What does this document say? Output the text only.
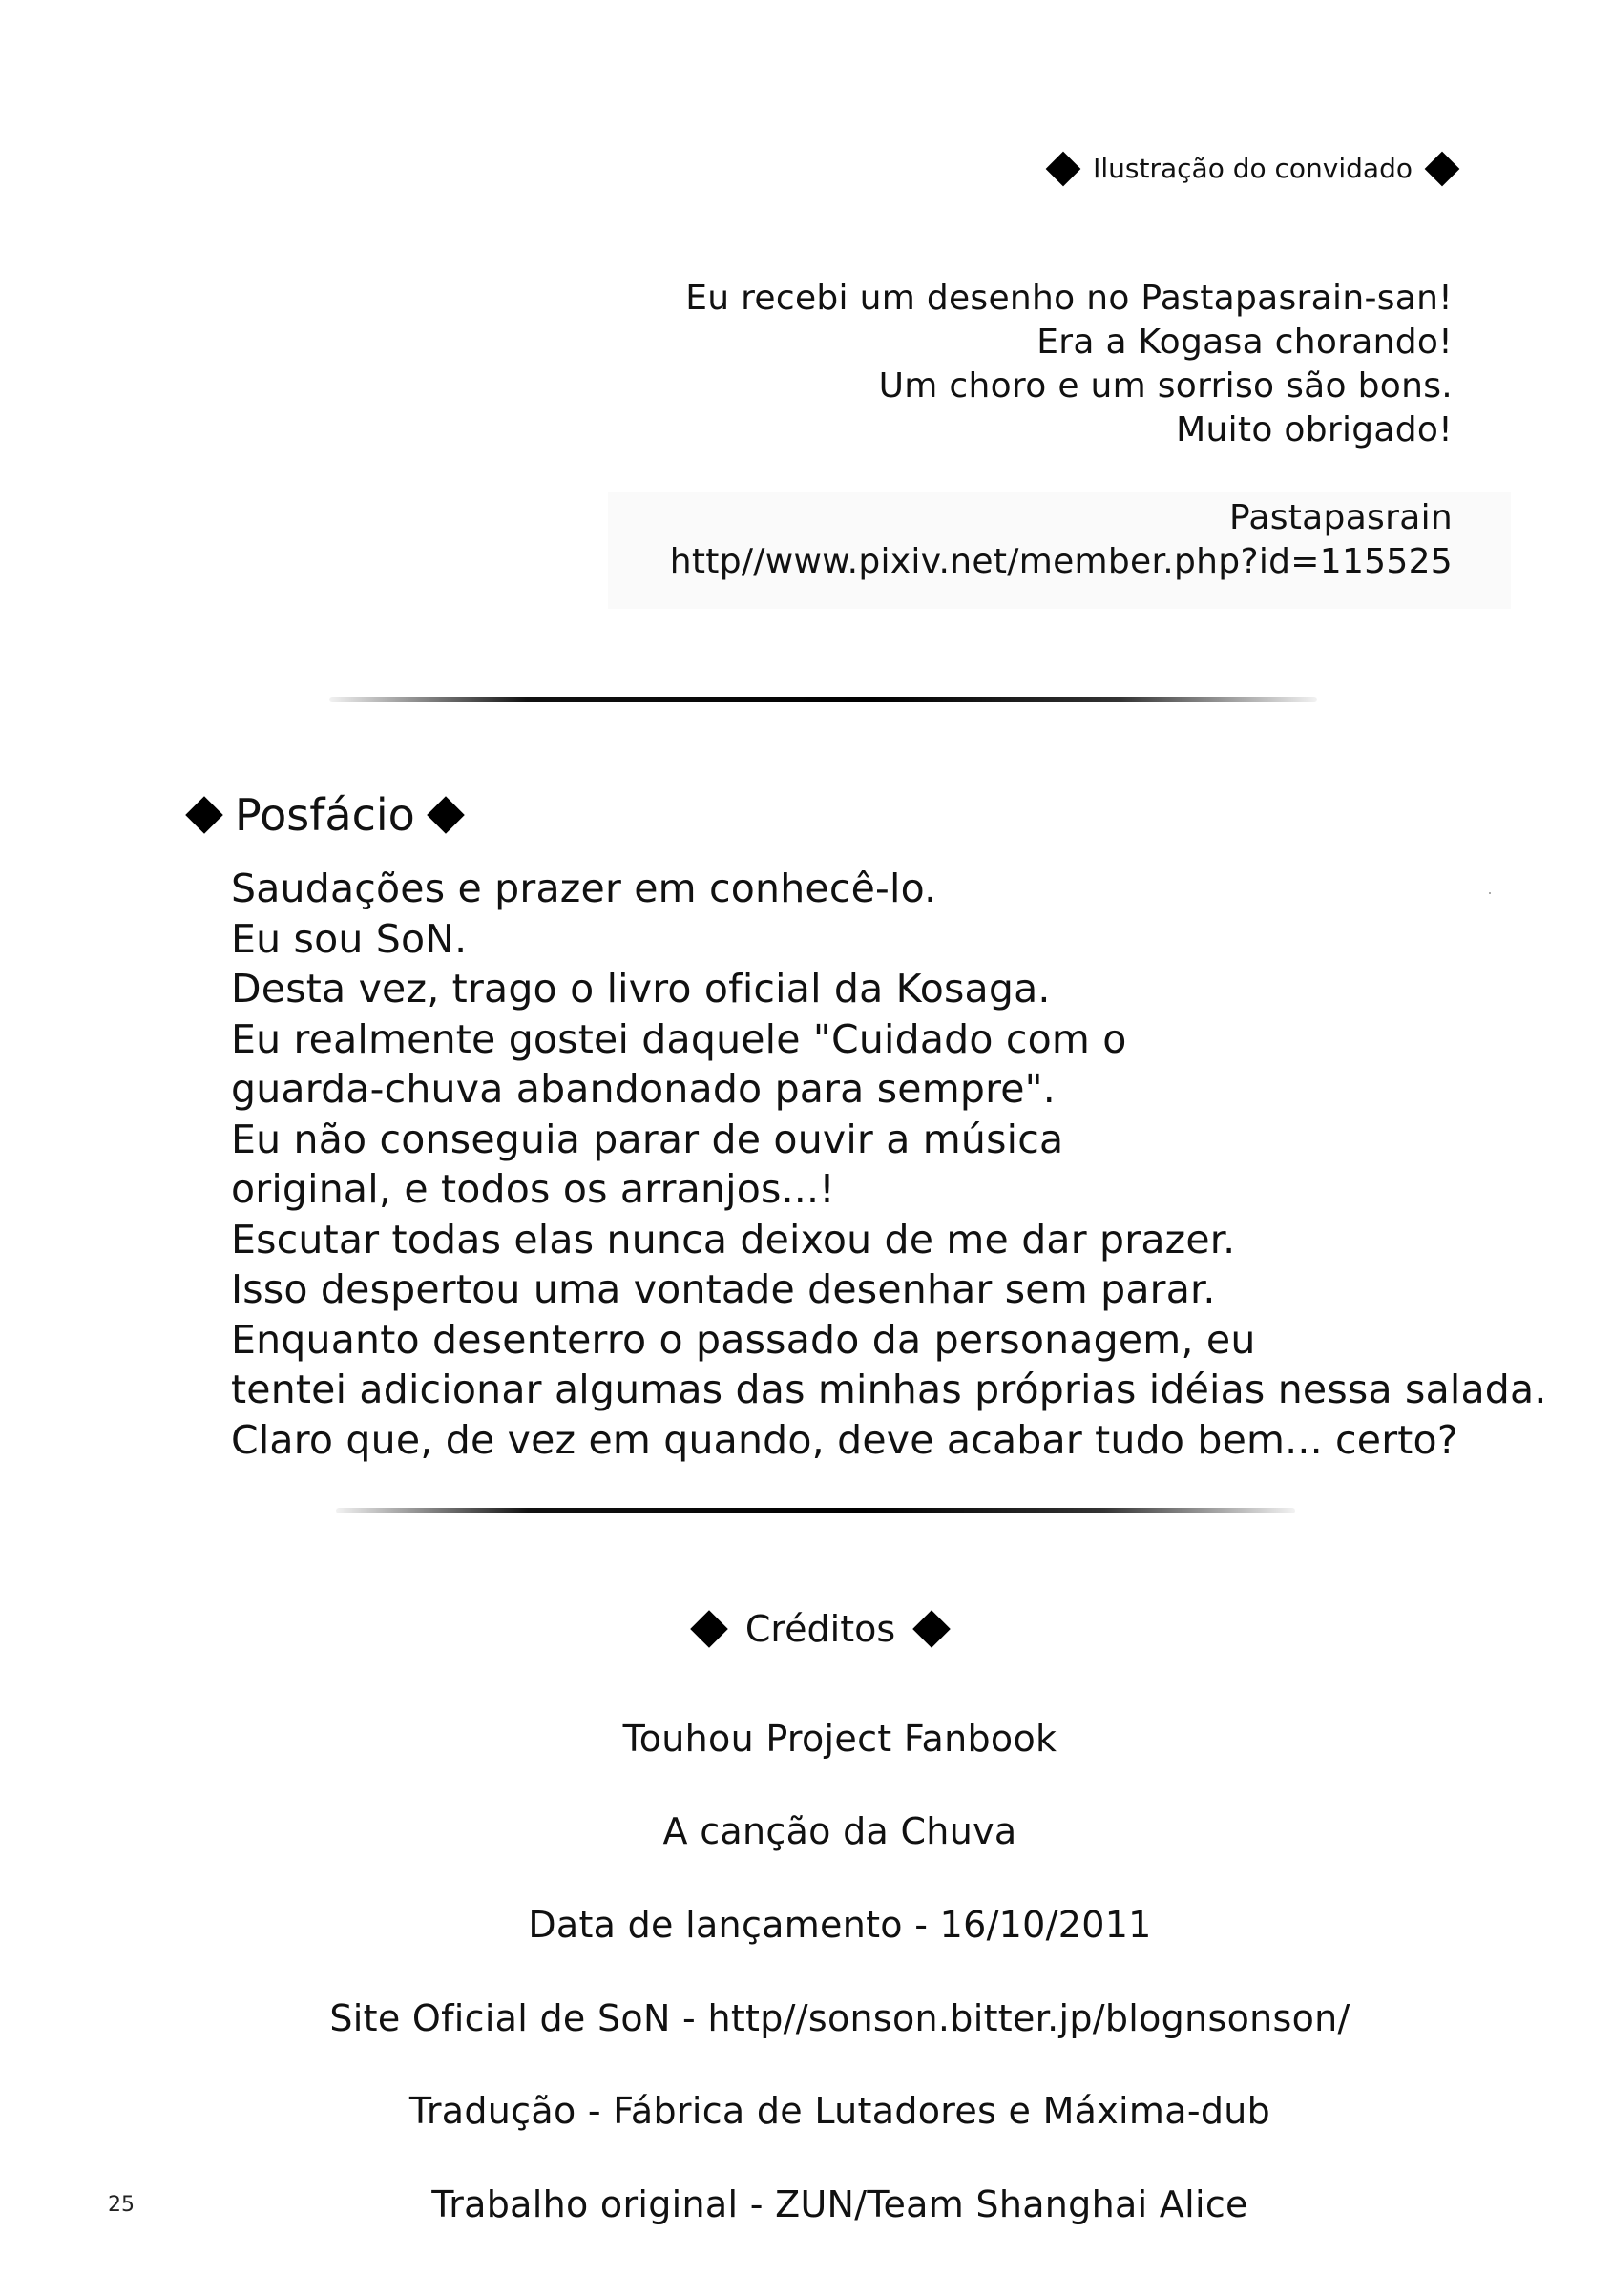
Ilustração do convidado

Eu recebi um desenho no Pastapasrain-san!

Era a Kogasa chorando!

Um choro e um sorriso são bons.

Muito obrigado!

Pastapasrain

http//www.pixiv.net/member.php?id=115525

Posfácio

Saudações e prazer em conhecê-lo.

Eu sou SoN.

Desta vez, trago o livro oficial da Kosaga.

Eu realmente gostei daquele "Cuidado com o

guarda-chuva abandonado para sempre".

Eu não conseguia parar de ouvir a música

original, e todos os arranjos...!

Escutar todas elas nunca deixou de me dar prazer.

Isso despertou uma vontade desenhar sem parar.

Enquanto desenterro o passado da personagem, eu

tentei adicionar algumas das minhas próprias idéias nessa salada.

Claro que, de vez em quando, deve acabar tudo bem... certo?

Créditos
Touhou Project Fanbook
A canção da Chuva
Data de lançamento - 16/10/2011
Site Oficial de SoN - http//sonson.bitter.jp/blognsonson/
Tradução - Fábrica de Lutadores e Máxima-dub
Trabalho original - ZUN/Team Shanghai Alice
25
